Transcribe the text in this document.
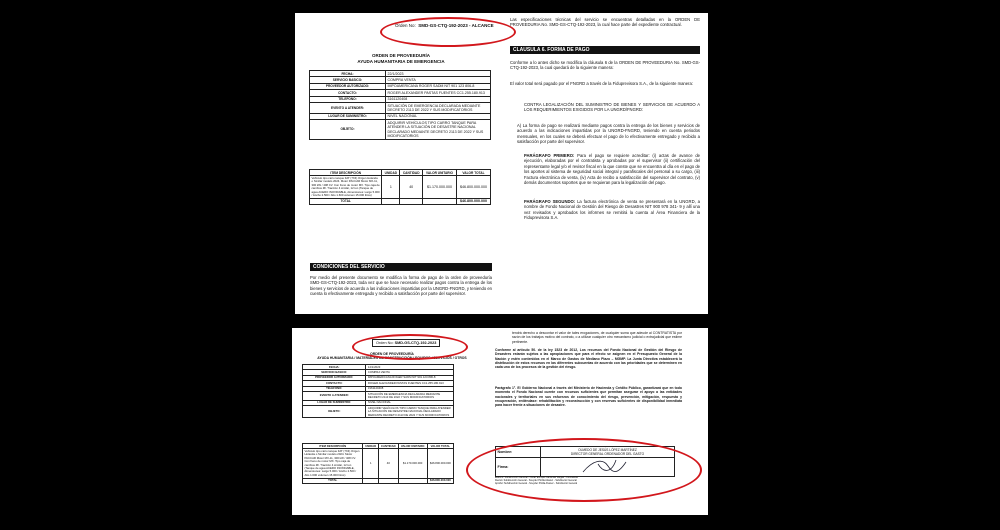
Orden No: SMD-GS-CTQ-192-2023 - ALCANCE
ORDEN DE PROVEEDURÍA
AYUDA HUMANITARIA DE EMERGENCIA
FECHA:	22/1/2023
SERVICIO BASICO:	COMPRA VENTA
PROVEEDOR AUTORIZADO:	IMPOAMERICANA ROGER SADM NIT 901 123 806-8
CONTACTO:	ROGER ALEXANDER PASTAS FUENTES CC1.255.180.913
TELEFONO:	3161120408
EVENTO A ATENDER:	SITUACIÓN DE EMERGENCIA DECLARADA MEDIANTE DECRETO 2113 DE 2022 Y SUS MODIFICATORIOS
LUGAR DE SUMINISTRO:	NIVEL NACIONAL
OBJETO:	ADQUIRIR VEHÍCULOS TIPO CARRO TANQUE PARA ATENDER LA SITUACIÓN DE DESASTRE NACIONAL DECLARADO MEDIANTE DECRETO 2113 DE 2022 Y SUS MODIFICATORIOS
ITEM DESCRIPCIÓN	UNIDAD	CANTIDAD	VALOR UNITARIO	VALOR TOTAL
Vehículo tipo carro tanque FAT (7X4) Origen Holanda o Similar modelo 2024. Motor PACCAR Motor MX-11, 300 kW / 408 CV. Con freno de motor MX. Tipo caja de cambios ZF. Tracción 4 similar, 12 ton (Tanque de agua ACERO INOXIDABLE, dimensiones: Largo 5.000 / Ancho 2.500 / Alto 1.600 volumen 15.000 litros)	1	40	$1.170.000.000	$46.800.000.000
TOTAL				$46.800.000.000
CONDICIONES DEL SERVICIO
Por medio del presente documento se modifica la forma de pago de la orden de proveeduría SMD-GS-CTQ-192-2023, toda vez que se hace necesario realizar pagos contra la entrega de los bienes y servicios de acuerdo a las indicaciones impartidas por la UNGRD-FNGRD, y teniendo en cuenta lo efectivamente entregado y recibido a satisfacción por parte del supervisor.
Las especificaciones técnicas del servicio se encuentras detalladas en la ORDEN DE PROVEEDURIA No. SMD-GS-CTQ-192-2023, la cual hace parte del expediente contractual.
CLAUSULA 6. FORMA DE PAGO
Conforme a lo antes dicho se modifica la cláusula 6 de la ORDEN DE PROVEEDURIA No. SMD-GS-CTQ-192-2023, la cual quedará de la siguiente manera:
El valor total será pagado por el FNGRD a través de la Fiduprevisora S.A., de la siguiente manera:
CONTRA LEGALIZACIÓN DEL SUMINISTRO DE BIENES Y SERVICIOS DE ACUERDO A LOS REQUERIMIENTOS EXIGIDOS POR LA UNGRD/FNGRD:
A) La forma de pago se realizará mediante pagos contra la entrega de los bienes y servicios de acuerdo a las indicaciones impartidas por la UNGRD-FNGRD, teniendo en cuenta periodos mensuales, en los cuales se deberá efectuar el pago de lo efectivamente entregado y recibido a satisfacción por parte del supervisor.
PARÁGRAFO PRIMERO: Para el pago se requiere acreditar: (i) actas de avance de ejecución, elaboradas por el contratista y aprobadas por el supervisor (ii) certificación del representante legal y/o el revisor fiscal en la que conste que se encuentra al día en el pago de los aportes al sistema de seguridad social integral y parafiscales del personal a su cargo, (iii) Factura electrónica de venta, (iv) Acta de recibo a satisfacción del supervisor del contrato, (v) demás documentos soportes que se requieran para la legalización del pago.
PARÁGRAFO SEGUNDO: La factura electrónica de venta se presentará en la UNGRD, a nombre de Fondo Nacional de Gestión del Riesgo de Desastres NIT 900 978 341- 9 y allí una vez revisados y aprobados los informes se remitirá la cuenta al Área Financiera de la Fiduprevisora S.A.
Orden No: SMD-GS-CTQ-192-2023
ORDEN DE PROVEEDURÍA
AYUDA HUMANITARIA / MATERIALES DE CONSTRUCCIÓN / EQUIPOS / SERVICIOS / OTROS
FECHA:	12/1/2023
SERVICIO BASICO:	COMPRA VENTA
PROVEEDOR AUTORIZADO:	IMPOAMERICANA ROGER SADM NIT 901.123.806-8
CONTACTO:	ROGER ALEXANDER PASTAS FUENTES CC1.255.180.913
TELEFONO:	3161120408
EVENTO A ATENDER:	SITUACIÓN DE EMERGENCIA DECLARADA MEDIANTE DECRETO 2113 DE 2022 Y SUS MODIFICATORIOS
LUGAR DE SUMINISTRO:	NIVEL NACIONAL
OBJETO:	ADQUIRIR VEHÍCULOS TIPO CARRO TANQUE PARA ATENDER LA SITUACIÓN DE DESASTRE NACIONAL DECLARADO MEDIANTE DECRETO 2113 DE 2022 Y SUS MODIFICATORIOS
ITEM DESCRIPCIÓN	UNIDAD	CANTIDAD	VALOR UNITARIO	VALOR TOTAL
Vehículo tipo carro tanque FAT (7X4) Origen Holanda o Similar modelo 2024. Motor PACCAR Motor MX-11, 300 kW / 408 CV. Con freno de motor MX. Tipo caja de cambios ZF. Tracción 4 similar, 12 ton (Tanque de agua ACERO INOXIDABLE, dimensiones: Largo 5.000 / Ancho 2.500 / Alto 1.600 volumen 15.000 litros)	1	40	$1.170.000.000	$46.800.000.000
TOTAL				$46.800.000.000
tendrá derecho a descontar el valor de tales erogaciones, de cualquier suma que adeude al CONTRATISTA por razón de los trabajos motivo del contrato, o a utilizar cualquier otro mecanismo judicial o extrajudicial que estime pertinente.
Conforme al artículo 50. de la ley 1523 de 2012, Los recursos del Fondo Nacional de Gestión del Riesgo de Desastres estarán sujetos a las apropiaciones que para el efecto se asignen en el Presupuesto General de la Nación y estén contenidos en el Marco de Gastos de Mediano Plazo – MGMP. La Junta Directiva establecerá la distribución de estos recursos en las diferentes subcuentas de acuerdo con las prioridades que se determinen en cada uno de los procesos de la gestión del riesgo.
Parágrafo 1°. El Gobierno Nacional a través del Ministerio de Hacienda y Crédito Público, garantizará que en todo momento el Fondo Nacional cuente con recursos suficientes que permitan asegurar el apoyo a las entidades nacionales y territoriales en sus esfuerzos de conocimiento del riesgo, prevención, mitigación, respuesta y recuperación, entiéndase: rehabilitación y reconstrucción y con reservas suficientes de disponibilidad inmediata para hacer frente a situaciones de desastre.
Nombre:	OLMEDO DE JESÚS LÓPEZ MARTÍNEZ
DIRECTOR GENERAL ORDENADOR DEL GASTO

Firma:	
Elaboró: Subdirección General - Oscar Enrique Cardenas Vargas - Contratista
Revisó: Subdirección General - Sneyder Pinilla Alvarez - Subdirector General
Aprobó: Subdirección General - Sneyder Pinilla Alvarez - Subdirector General
